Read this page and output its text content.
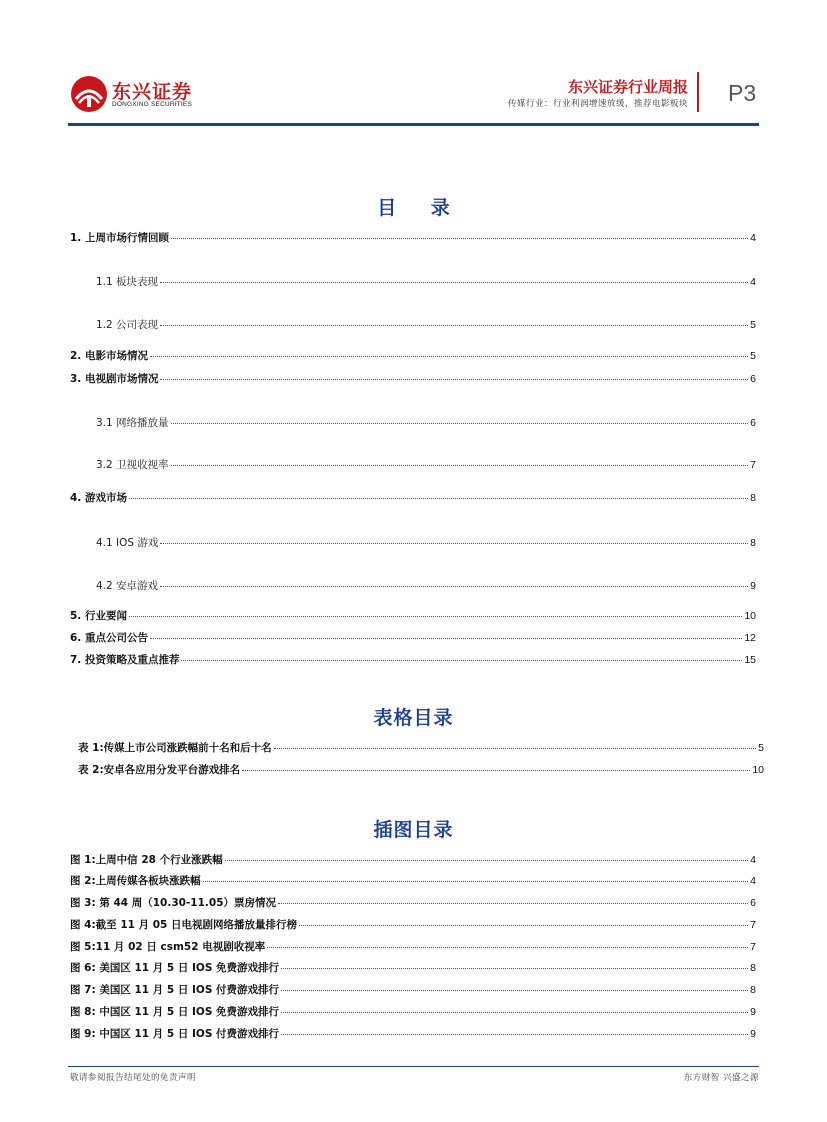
东兴证券
DONGXING SECURITIES
东兴证券行业周报
传媒行业：行业利润增速放缓，推荐电影板块 P3
目 录
表格目录
插图目录
1. 上周市场行情回顾	4
1.1 板块表现	4
1.2 公司表现	5
2. 电影市场情况	5
3. 电视剧市场情况	6
3.1 网络播放量	6
3.2 卫视收视率	7
4. 游戏市场	8
4.1 IOS 游戏	8
4.2 安卓游戏	9
5. 行业要闻	10
6. 重点公司公告	12
7. 投资策略及重点推荐	15
表 1:传媒上市公司涨跌幅前十名和后十名	5
表 2:安卓各应用分发平台游戏排名	10
图 1:上周中信 28 个行业涨跌幅	4
图 2:上周传媒各板块涨跌幅	4
图 3: 第 44 周（10.30-11.05）票房情况	6
图 4:截至 11 月 05 日电视剧网络播放量排行榜	7
图 5:11 月 02 日 csm52 电视剧收视率	7
图 6: 美国区 11 月 5 日 IOS 免费游戏排行	8
图 7: 美国区 11 月 5 日 IOS 付费游戏排行	8
图 8: 中国区 11 月 5 日 IOS 免费游戏排行	9
图 9: 中国区 11 月 5 日 IOS 付费游戏排行	9
敬请参阅报告结尾处的免责声明	东方财智 兴盛之源
